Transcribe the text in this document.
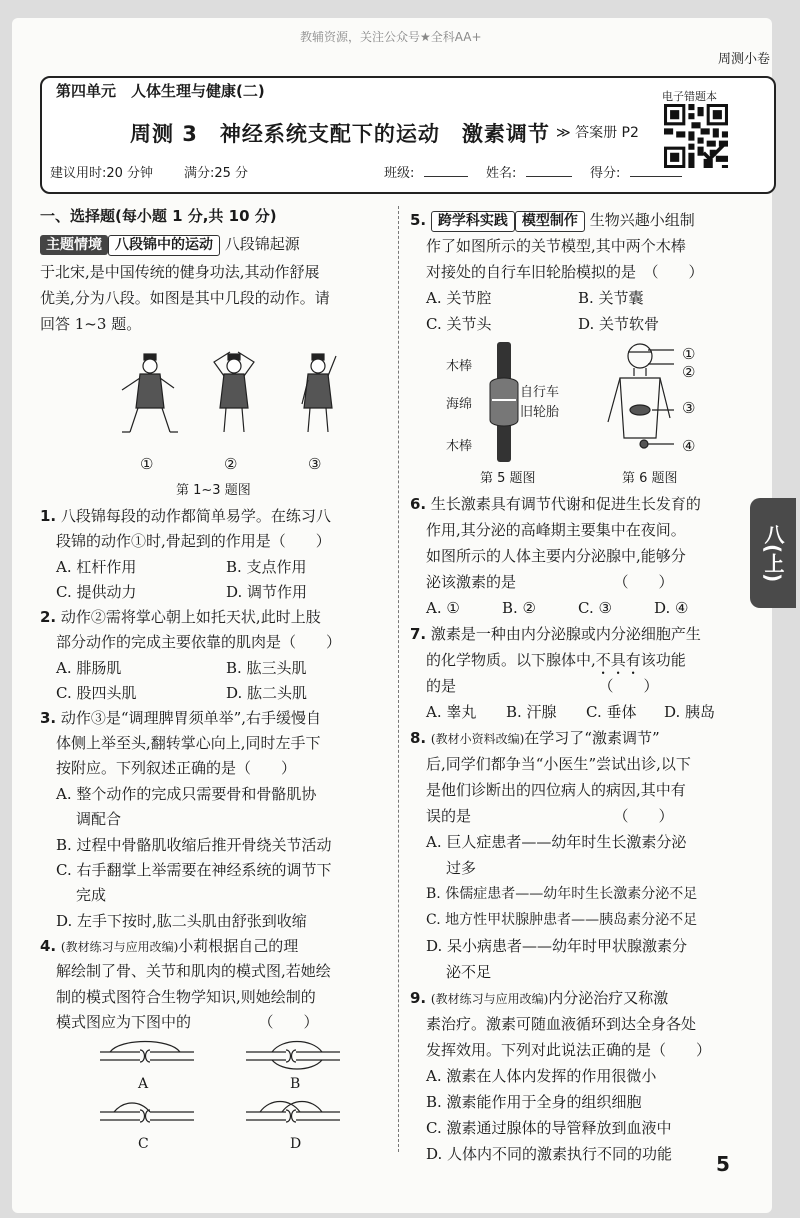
教辅资源，关注公众号★全科AA+
周测小卷
第四单元　人体生理与健康(二)
周测 3　神经系统支配下的运动　激素调节 ≫ 答案册 P2
电子错题本
建议用时:20 分钟 满分:25 分	班级:	姓名:	得分:
一、选择题(每小题 1 分,共 10 分)
主题情境 八段锦中的运动 八段锦起源
于北宋,是中国传统的健身功法,其动作舒展
优美,分为八段。如图是其中几段的动作。请
回答 1~3 题。
①	②	③
第 1~3 题图
1. 八段锦每段的动作都简单易学。在练习八
段锦的动作①时,骨起到的作用是（　　）
A. 杠杆作用	B. 支点作用
C. 提供动力	D. 调节作用
2. 动作②需将掌心朝上如托天状,此时上肢
部分动作的完成主要依靠的肌肉是（　　）
A. 腓肠肌	B. 肱三头肌
C. 股四头肌	D. 肱二头肌
3. 动作③是“调理脾胃须单举”,右手缓慢自
体侧上举至头,翻转掌心向上,同时左手下
按附应。下列叙述正确的是（　　）
A. 整个动作的完成只需要骨和骨骼肌协
调配合
B. 过程中骨骼肌收缩后推开骨绕关节活动
C. 右手翻掌上举需要在神经系统的调节下
完成
D. 左手下按时,肱二头肌由舒张到收缩
4. (教材练习与应用改编)小莉根据自己的理
解绘制了骨、关节和肌肉的模式图,若她绘
制的模式图符合生物学知识,则她绘制的
模式图应为下图中的　　　　　（　　）
A	B
C	D
5. 跨学科实践 模型制作 生物兴趣小组制
作了如图所示的关节模型,其中两个木棒
对接处的自行车旧轮胎模拟的是　（　　）
A. 关节腔	B. 关节囊
C. 关节头	D. 关节软骨
木棒
海绵
自行车
旧轮胎
木棒
第 5 题图
①
②
③
④
第 6 题图
6. 生长激素具有调节代谢和促进生长发育的
作用,其分泌的高峰期主要集中在夜间。
如图所示的人体主要内分泌腺中,能够分
泌该激素的是　　　　　　　（　　）
A. ①	B. ②	C. ③	D. ④
7. 激素是一种由内分泌腺或内分泌细胞产生
的化学物质。以下腺体中,不具有该功能
的是　　　　　　　　　　（　　）
A. 睾丸 B. 汗腺 C. 垂体 D. 胰岛
8. (教材小资料改编)在学习了“激素调节”
后,同学们都争当“小医生”尝试出诊,以下
是他们诊断出的四位病人的病因,其中有
误的是　　　　　　　　　　（　　）
A. 巨人症患者——幼年时生长激素分泌
过多
B. 侏儒症患者——幼年时生长激素分泌不足
C. 地方性甲状腺肿患者——胰岛素分泌不足
D. 呆小病患者——幼年时甲状腺激素分
泌不足
9. (教材练习与应用改编)内分泌治疗又称激
素治疗。激素可随血液循环到达全身各处
发挥效用。下列对此说法正确的是（　　）
A. 激素在人体内发挥的作用很微小
B. 激素能作用于全身的组织细胞
C. 激素通过腺体的导管释放到血液中
D. 人体内不同的激素执行不同的功能
八(上)
5
